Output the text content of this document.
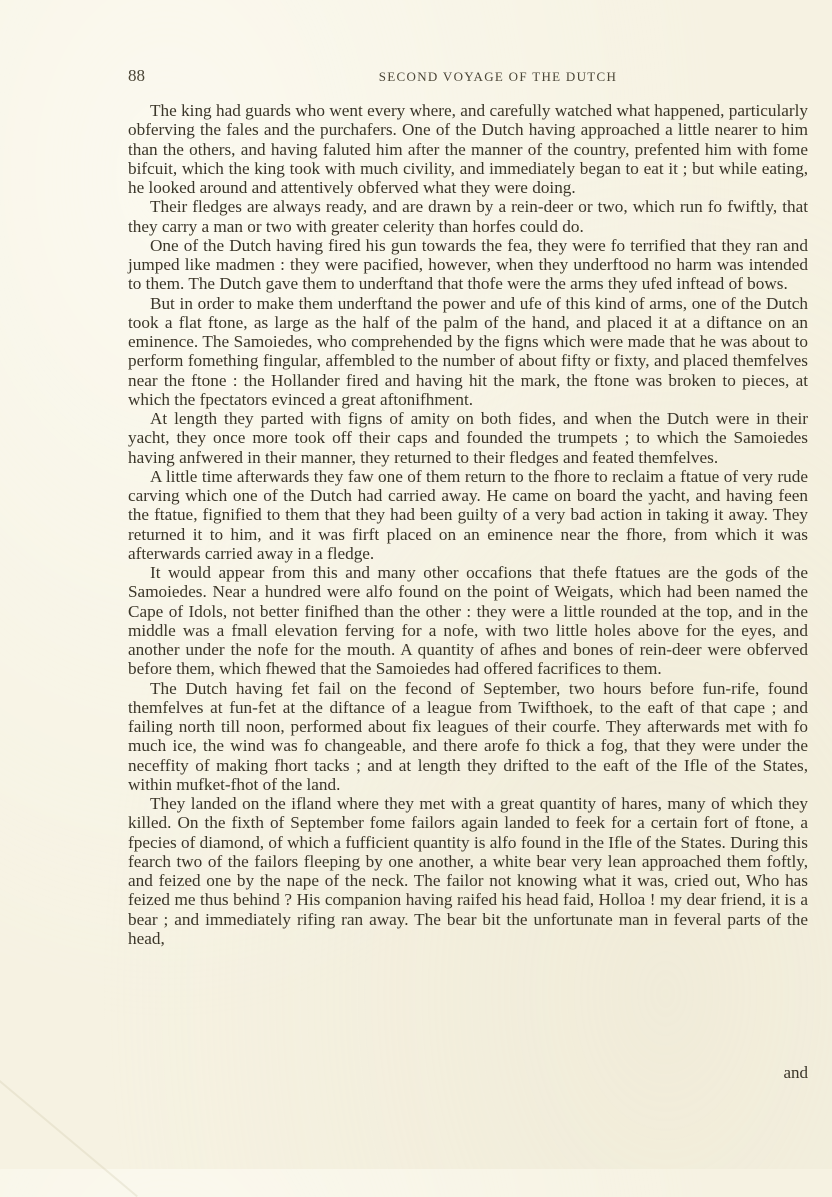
88	SECOND VOYAGE OF THE DUTCH

The king had guards who went every where, and carefully watched what happened, particularly obferving the fales and the purchafers. One of the Dutch having approached a little nearer to him than the others, and having faluted him after the manner of the country, prefented him with fome bifcuit, which the king took with much civility, and immediately began to eat it ; but while eating, he looked around and attentively obferved what they were doing.

Their fledges are always ready, and are drawn by a rein-deer or two, which run fo fwiftly, that they carry a man or two with greater celerity than horfes could do.

One of the Dutch having fired his gun towards the fea, they were fo terrified that they ran and jumped like madmen : they were pacified, however, when they underftood no harm was intended to them. The Dutch gave them to underftand that thofe were the arms they ufed inftead of bows.

But in order to make them underftand the power and ufe of this kind of arms, one of the Dutch took a flat ftone, as large as the half of the palm of the hand, and placed it at a diftance on an eminence. The Samoiedes, who comprehended by the figns which were made that he was about to perform fomething fingular, affembled to the number of about fifty or fixty, and placed themfelves near the ftone : the Hollander fired and having hit the mark, the ftone was broken to pieces, at which the fpectators evinced a great aftonifhment.

At length they parted with figns of amity on both fides, and when the Dutch were in their yacht, they once more took off their caps and founded the trumpets ; to which the Samoiedes having anfwered in their manner, they returned to their fledges and feated themfelves.

A little time afterwards they faw one of them return to the fhore to reclaim a ftatue of very rude carving which one of the Dutch had carried away. He came on board the yacht, and having feen the ftatue, fignified to them that they had been guilty of a very bad action in taking it away. They returned it to him, and it was firft placed on an eminence near the fhore, from which it was afterwards carried away in a fledge.

It would appear from this and many other occafions that thefe ftatues are the gods of the Samoiedes. Near a hundred were alfo found on the point of Weigats, which had been named the Cape of Idols, not better finifhed than the other : they were a little rounded at the top, and in the middle was a fmall elevation ferving for a nofe, with two little holes above for the eyes, and another under the nofe for the mouth. A quantity of afhes and bones of rein-deer were obferved before them, which fhewed that the Samoiedes had offered facrifices to them.

The Dutch having fet fail on the fecond of September, two hours before fun-rife, found themfelves at fun-fet at the diftance of a league from Twifthoek, to the eaft of that cape ; and failing north till noon, performed about fix leagues of their courfe. They afterwards met with fo much ice, the wind was fo changeable, and there arofe fo thick a fog, that they were under the neceffity of making fhort tacks ; and at length they drifted to the eaft of the Ifle of the States, within mufket-fhot of the land.

They landed on the ifland where they met with a great quantity of hares, many of which they killed. On the fixth of September fome failors again landed to feek for a certain fort of ftone, a fpecies of diamond, of which a fufficient quantity is alfo found in the Ifle of the States. During this fearch two of the failors fleeping by one another, a white bear very lean approached them foftly, and feized one by the nape of the neck. The failor not knowing what it was, cried out, Who has feized me thus behind ? His companion having raifed his head faid, Holloa ! my dear friend, it is a bear ; and immediately rifing ran away. The bear bit the unfortunate man in feveral parts of the head,

and
